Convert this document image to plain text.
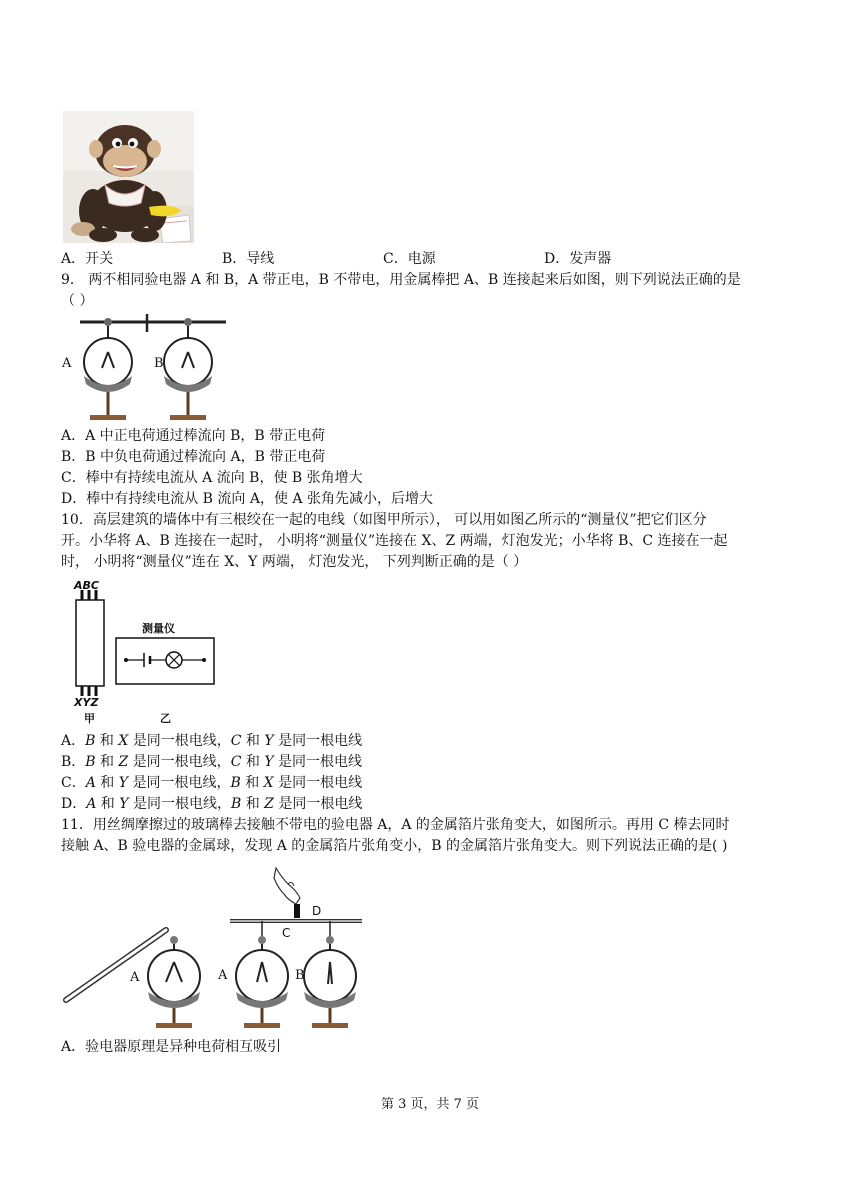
A．开关	B．导线	C．电源	D．发声器
9． 两不相同验电器 A 和 B，A 带正电，B 不带电，用金属棒把 A、B 连接起来后如图，则下列说法正确的是
（ ）
A	B
A．A 中正电荷通过棒流向 B，B 带正电荷
B．B 中负电荷通过棒流向 A，B 带正电荷
C．棒中有持续电流从 A 流向 B，使 B 张角增大
D．棒中有持续电流从 B 流向 A，使 A 张角先减小，后增大
10．高层建筑的墙体中有三根绞在一起的电线（如图甲所示）， 可以用如图乙所示的“测量仪”把它们区分
开。小华将 A、B 连接在一起时， 小明将“测量仪”连接在 X、Z 两端，灯泡发光；小华将 B、C 连接在一起
时， 小明将“测量仪”连在 X、Y 两端， 灯泡发光， 下列判断正确的是（ ）
ABC
XYZ
甲	乙
测量仪
A．B 和 X 是同一根电线，C 和 Y 是同一根电线
B．B 和 Z 是同一根电线，C 和 Y 是同一根电线
C．A 和 Y 是同一根电线，B 和 X 是同一根电线
D．A 和 Y 是同一根电线，B 和 Z 是同一根电线
11．用丝绸摩擦过的玻璃棒去接触不带电的验电器 A，A 的金属箔片张角变大，如图所示。再用 C 棒去同时
接触 A、B 验电器的金属球，发现 A 的金属箔片张角变小，B 的金属箔片张角变大。则下列说法正确的是( )
A	A	B
C
D
A．验电器原理是异种电荷相互吸引
第 3 页，共 7 页
